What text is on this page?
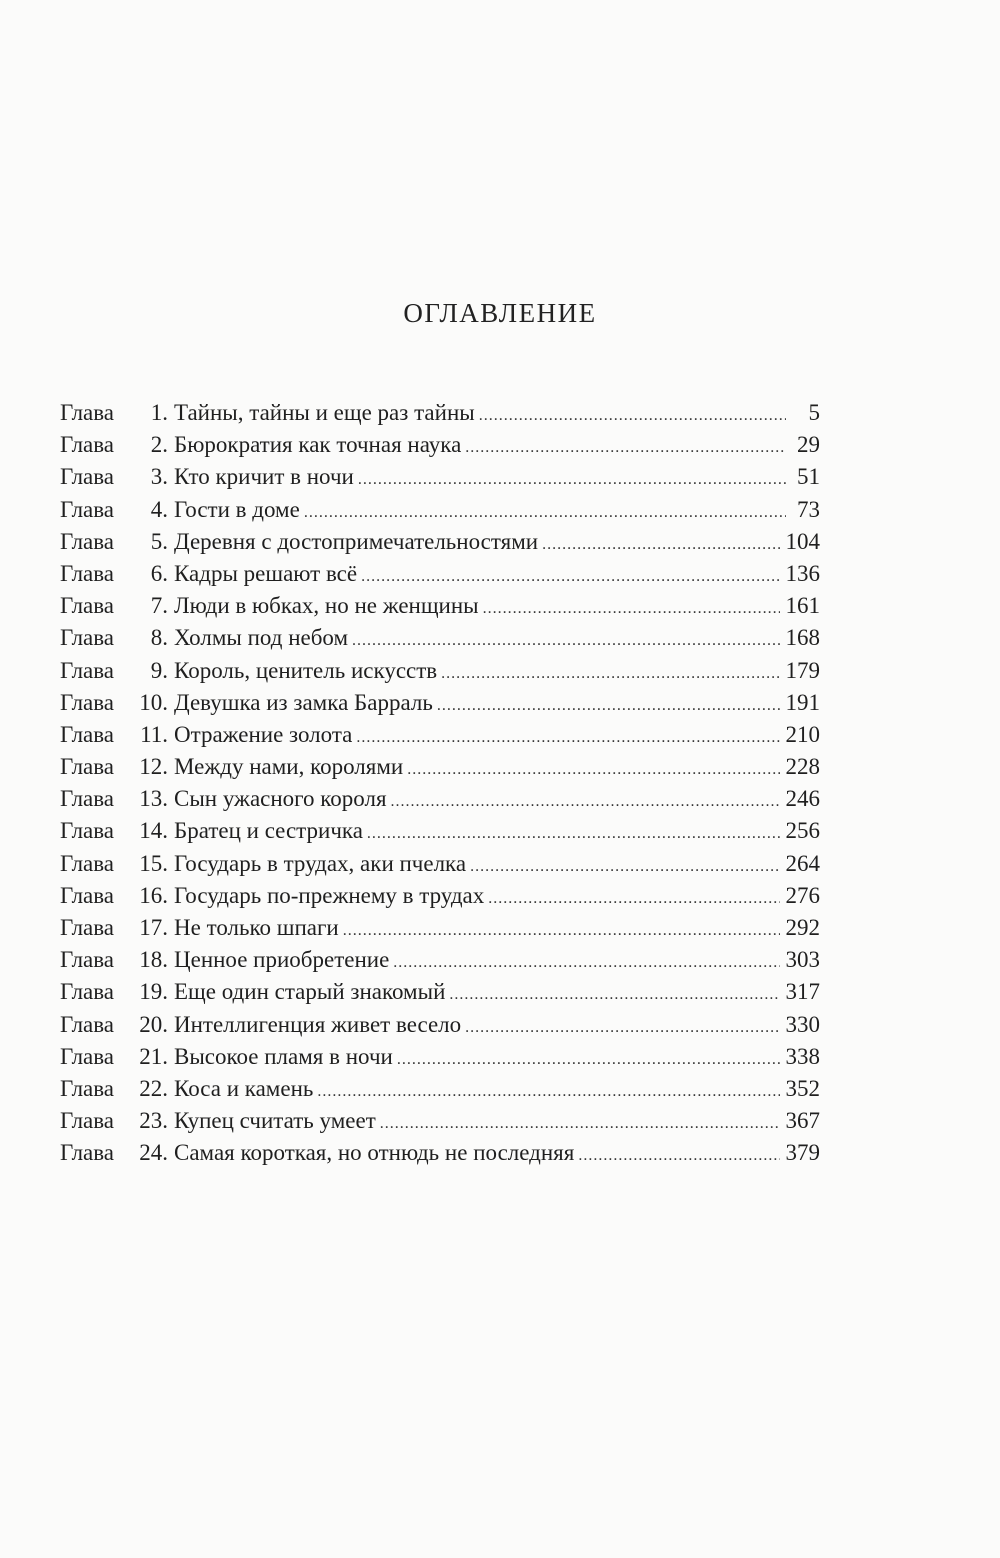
ОГЛАВЛЕНИЕ
Глава	1. Тайны, тайны и еще раз тайны .....	5
Глава	2. Бюрократия как точная наука .....	29
Глава	3. Кто кричит в ночи .....	51
Глава	4. Гости в доме .....	73
Глава	5. Деревня с достопримечательностями .....	104
Глава	6. Кадры решают всё .....	136
Глава	7. Люди в юбках, но не женщины .....	161
Глава	8. Холмы под небом .....	168
Глава	9. Король, ценитель искусств .....	179
Глава	10. Девушка из замка Барраль .....	191
Глава	11. Отражение золота .....	210
Глава	12. Между нами, королями .....	228
Глава	13. Сын ужасного короля .....	246
Глава	14. Братец и сестричка .....	256
Глава	15. Государь в трудах, аки пчелка .....	264
Глава	16. Государь по-прежнему в трудах .....	276
Глава	17. Не только шпаги .....	292
Глава	18. Ценное приобретение .....	303
Глава	19. Еще один старый знакомый .....	317
Глава	20. Интеллигенция живет весело .....	330
Глава	21. Высокое пламя в ночи .....	338
Глава	22. Коса и камень .....	352
Глава	23. Купец считать умеет .....	367
Глава	24. Самая короткая, но отнюдь не последняя .....	379
